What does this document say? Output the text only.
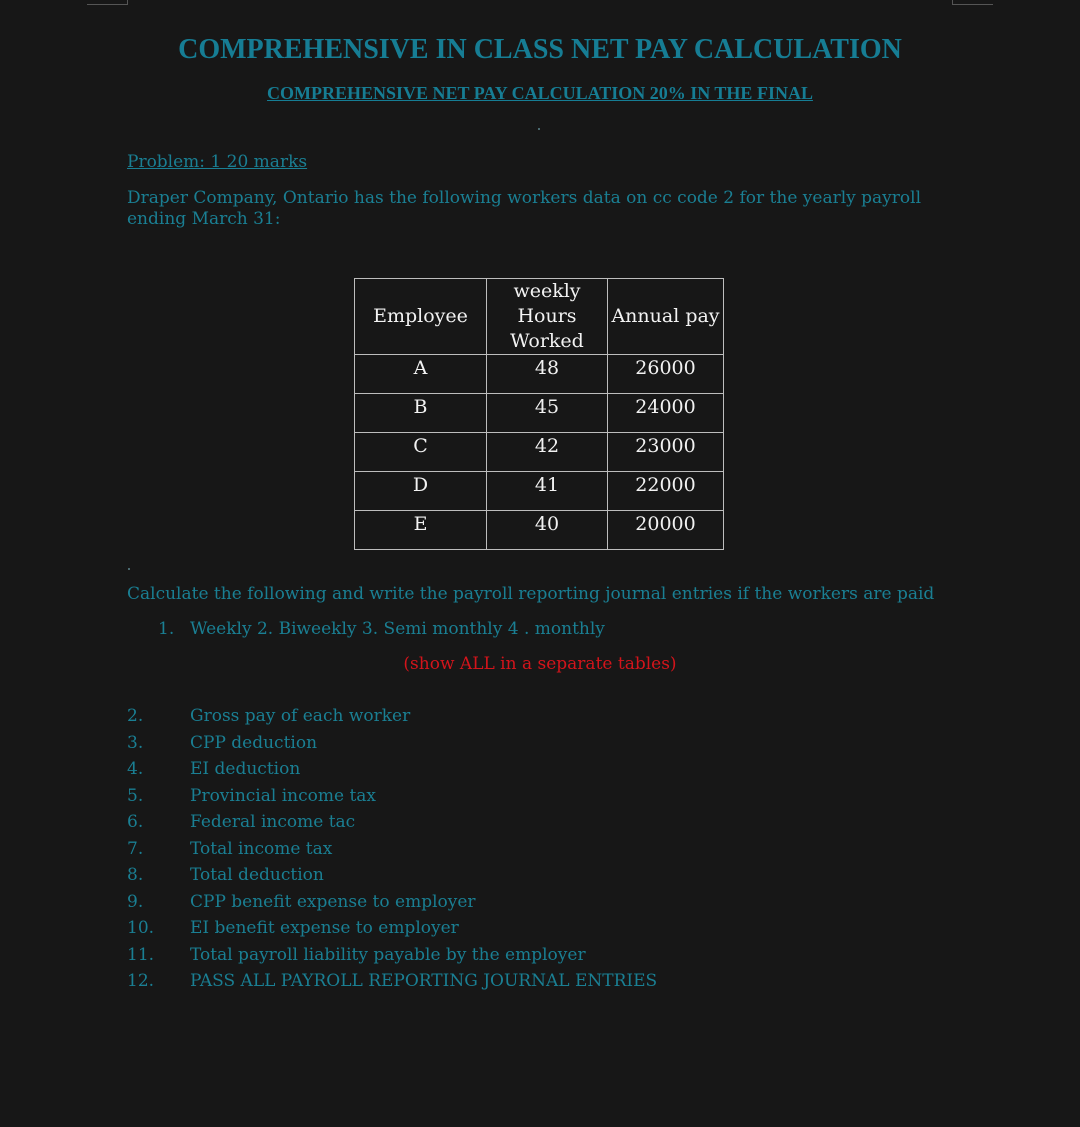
COMPREHENSIVE IN CLASS NET PAY CALCULATION
COMPREHENSIVE NET PAY CALCULATION 20% IN THE FINAL

Problem: 1 20 marks

Draper Company, Ontario has the following workers data on cc code 2 for the yearly payroll ending March 31:

Employee	weekly Hours Worked	Annual pay
A	48	26000
B	45	24000
C	42	23000
D	41	22000
E	40	20000

Calculate the following and write the payroll reporting journal entries if the workers are paid

1. Weekly 2. Biweekly 3. Semi monthly 4 . monthly

(show ALL in a separate tables)

2.	Gross pay of each worker
3.	CPP deduction
4.	EI deduction
5.	Provincial income tax
6.	Federal income tac
7.	Total income tax
8.	Total deduction
9.	CPP benefit expense to employer
10. EI benefit expense to employer
11. Total payroll liability payable by the employer
12. PASS ALL PAYROLL REPORTING JOURNAL ENTRIES
